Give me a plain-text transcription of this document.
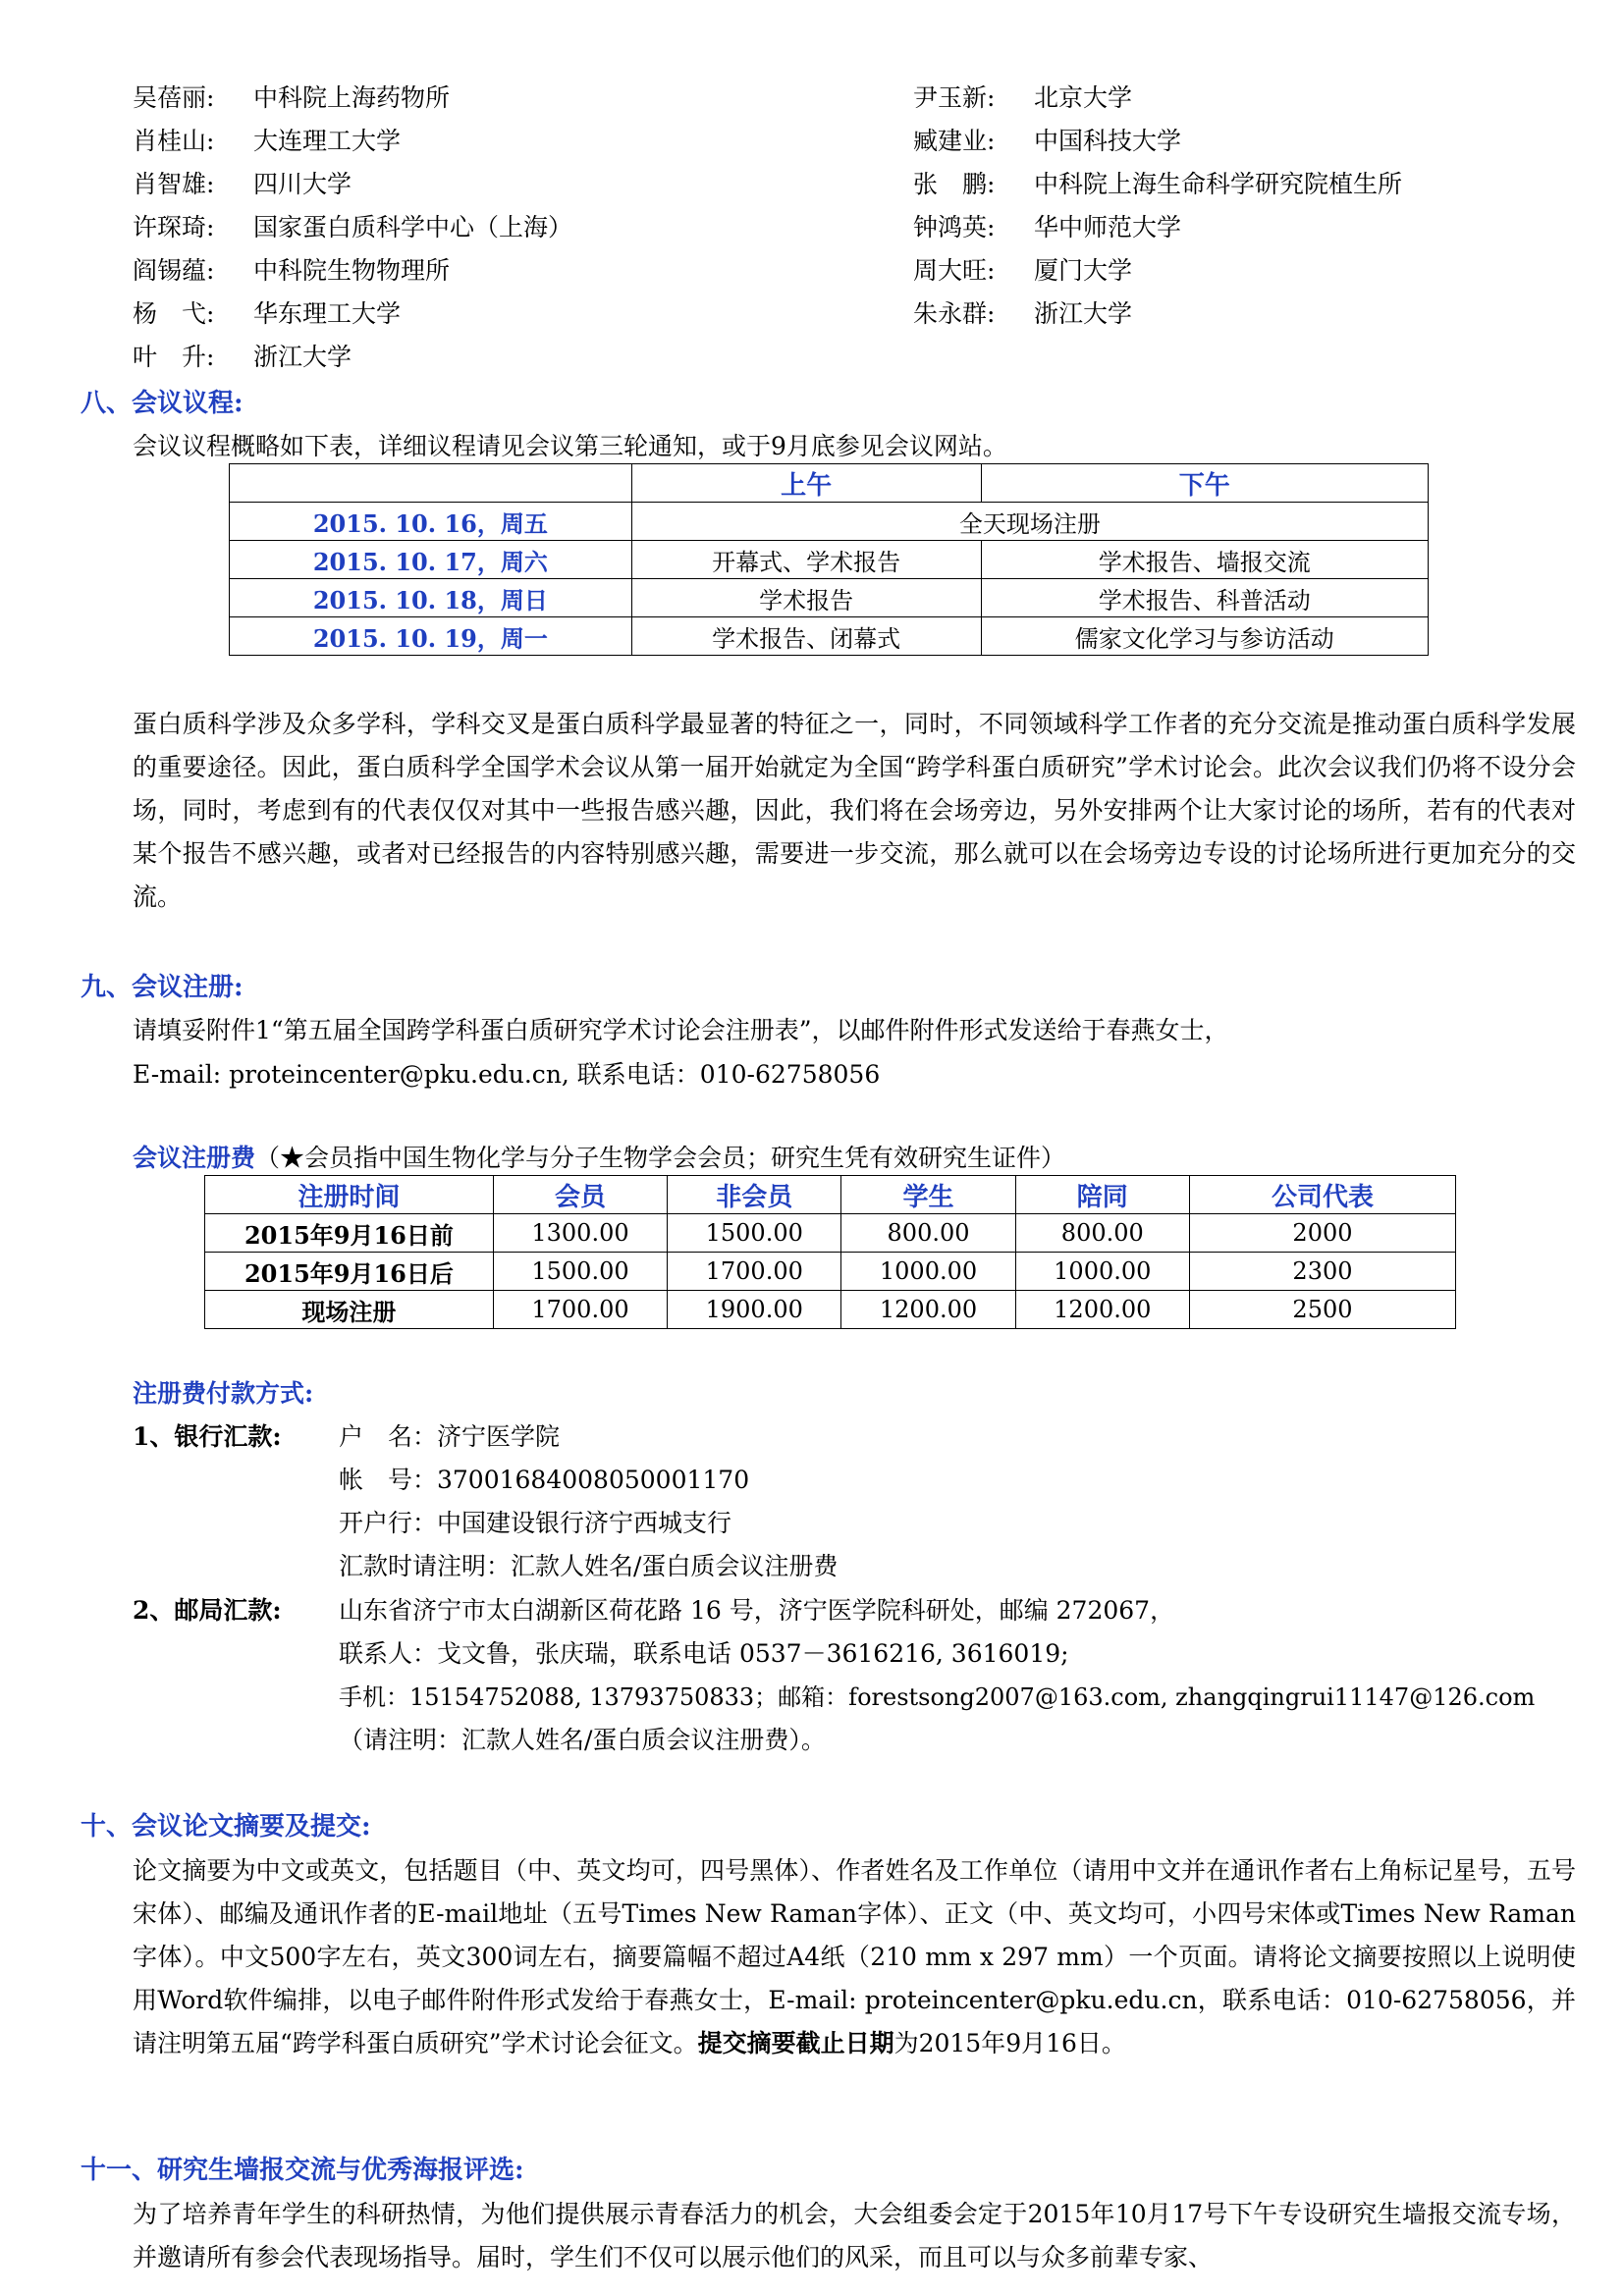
吴蓓丽: 中科院上海药物所
肖桂山: 大连理工大学
肖智雄: 四川大学
许琛琦: 国家蛋白质科学中心（上海）
阎锡蕴: 中科院生物物理所
杨　弋: 华东理工大学
叶　升: 浙江大学
尹玉新: 北京大学
臧建业: 中国科技大学
张　鹏: 中科院上海生命科学研究院植生所
钟鸿英: 华中师范大学
周大旺: 厦门大学
朱永群: 浙江大学
八、会议议程:
会议议程概略如下表，详细议程请见会议第三轮通知，或于9月底参见会议网站。
	上午	下午
2015. 10. 16，周五	全天现场注册	
2015. 10. 17，周六	开幕式、学术报告	学术报告、墙报交流
2015. 10. 18，周日	学术报告	学术报告、科普活动
2015. 10. 19，周一	学术报告、闭幕式	儒家文化学习与参访活动
蛋白质科学涉及众多学科，学科交叉是蛋白质科学最显著的特征之一，同时，不同领域科学工作者的充分交流是推动蛋白质科学发展的重要途径。因此，蛋白质科学全国学术会议从第一届开始就定为全国“跨学科蛋白质研究”学术讨论会。此次会议我们仍将不设分会场，同时，考虑到有的代表仅仅对其中一些报告感兴趣，因此，我们将在会场旁边，另外安排两个让大家讨论的场所，若有的代表对某个报告不感兴趣，或者对已经报告的内容特别感兴趣，需要进一步交流，那么就可以在会场旁边专设的讨论场所进行更加充分的交流。
九、会议注册:
请填妥附件1“第五届全国跨学科蛋白质研究学术讨论会注册表”，以邮件附件形式发送给于春燕女士，
E-mail: proteincenter@pku.edu.cn, 联系电话：010-62758056
会议注册费（★会员指中国生物化学与分子生物学会会员；研究生凭有效研究生证件）
注册时间	会员	非会员	学生	陪同	公司代表
2015年9月16日前	1300.00	1500.00	800.00	800.00	2000
2015年9月16日后	1500.00	1700.00	1000.00	1000.00	2300
现场注册	1700.00	1900.00	1200.00	1200.00	2500
注册费付款方式:
1、银行汇款: 户　名：济宁医学院
帐　号：37001684008050001170
开户行：中国建设银行济宁西城支行
汇款时请注明：汇款人姓名/蛋白质会议注册费
2、邮局汇款: 山东省济宁市太白湖新区荷花路 16 号，济宁医学院科研处，邮编 272067，
联系人：戈文鲁，张庆瑞，联系电话 0537－3616216, 3616019;
手机：15154752088, 13793750833；邮箱：forestsong2007@163.com, zhangqingrui11147@126.com
（请注明：汇款人姓名/蛋白质会议注册费）。
十、会议论文摘要及提交:
论文摘要为中文或英文，包括题目（中、英文均可，四号黑体）、作者姓名及工作单位（请用中文并在通讯作者右上角标记星号，五号宋体）、邮编及通讯作者的E-mail地址（五号Times New Raman字体）、正文（中、英文均可，小四号宋体或Times New Raman字体）。中文500字左右，英文300词左右，摘要篇幅不超过A4纸（210 mm x 297 mm）一个页面。请将论文摘要按照以上说明使用Word软件编排，以电子邮件附件形式发给于春燕女士，E-mail: proteincenter@pku.edu.cn，联系电话：010-62758056，并请注明第五届“跨学科蛋白质研究”学术讨论会征文。提交摘要截止日期为2015年9月16日。
十一、研究生墙报交流与优秀海报评选:
为了培养青年学生的科研热情，为他们提供展示青春活力的机会，大会组委会定于2015年10月17号下午专设研究生墙报交流专场，并邀请所有参会代表现场指导。届时，学生们不仅可以展示他们的风采，而且可以与众多前辈专家、
